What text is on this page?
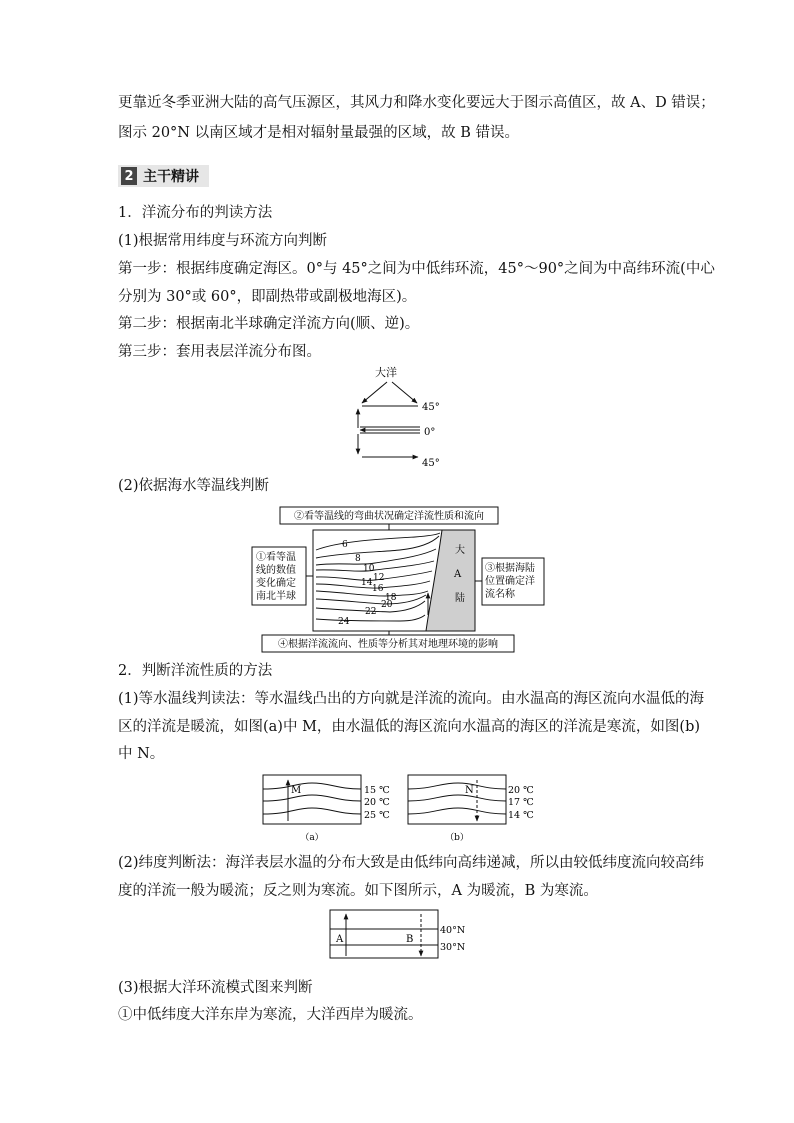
更靠近冬季亚洲大陆的高气压源区，其风力和降水变化要远大于图示高值区，故 A、D 错误；
图示 20°N 以南区域才是相对辐射量最强的区域，故 B 错误。
2 主干精讲
1．洋流分布的判读方法
(1)根据常用纬度与环流方向判断
第一步：根据纬度确定海区。0°与 45°之间为中低纬环流，45°～90°之间为中高纬环流(中心
分别为 30°或 60°，即副热带或副极地海区)。
第二步：根据南北半球确定洋流方向(顺、逆)。
第三步：套用表层洋流分布图。
大洋
45°
0°
45°
(2)依据海水等温线判断
②看等温线的弯曲状况确定洋流性质和流向
大
A
陆
6
8
10
12
14
16
18
20
22
24
①看等温
线的数值
变化确定
南北半球
③根据海陆
位置确定洋
流名称
④根据洋流流向、性质等分析其对地理环境的影响
2．判断洋流性质的方法
(1)等水温线判读法：等水温线凸出的方向就是洋流的流向。由水温高的海区流向水温低的海
区的洋流是暖流，如图(a)中 M，由水温低的海区流向水温高的海区的洋流是寒流，如图(b)
中 N。
M	15 ℃
20 ℃
25 ℃
（a）
N	20 ℃
17 ℃
14 ℃
（b）
(2)纬度判断法：海洋表层水温的分布大致是由低纬向高纬递减，所以由较低纬度流向较高纬
度的洋流一般为暖流；反之则为寒流。如下图所示，A 为暖流，B 为寒流。
A	B
40°N
30°N
(3)根据大洋环流模式图来判断
①中低纬度大洋东岸为寒流，大洋西岸为暖流。
